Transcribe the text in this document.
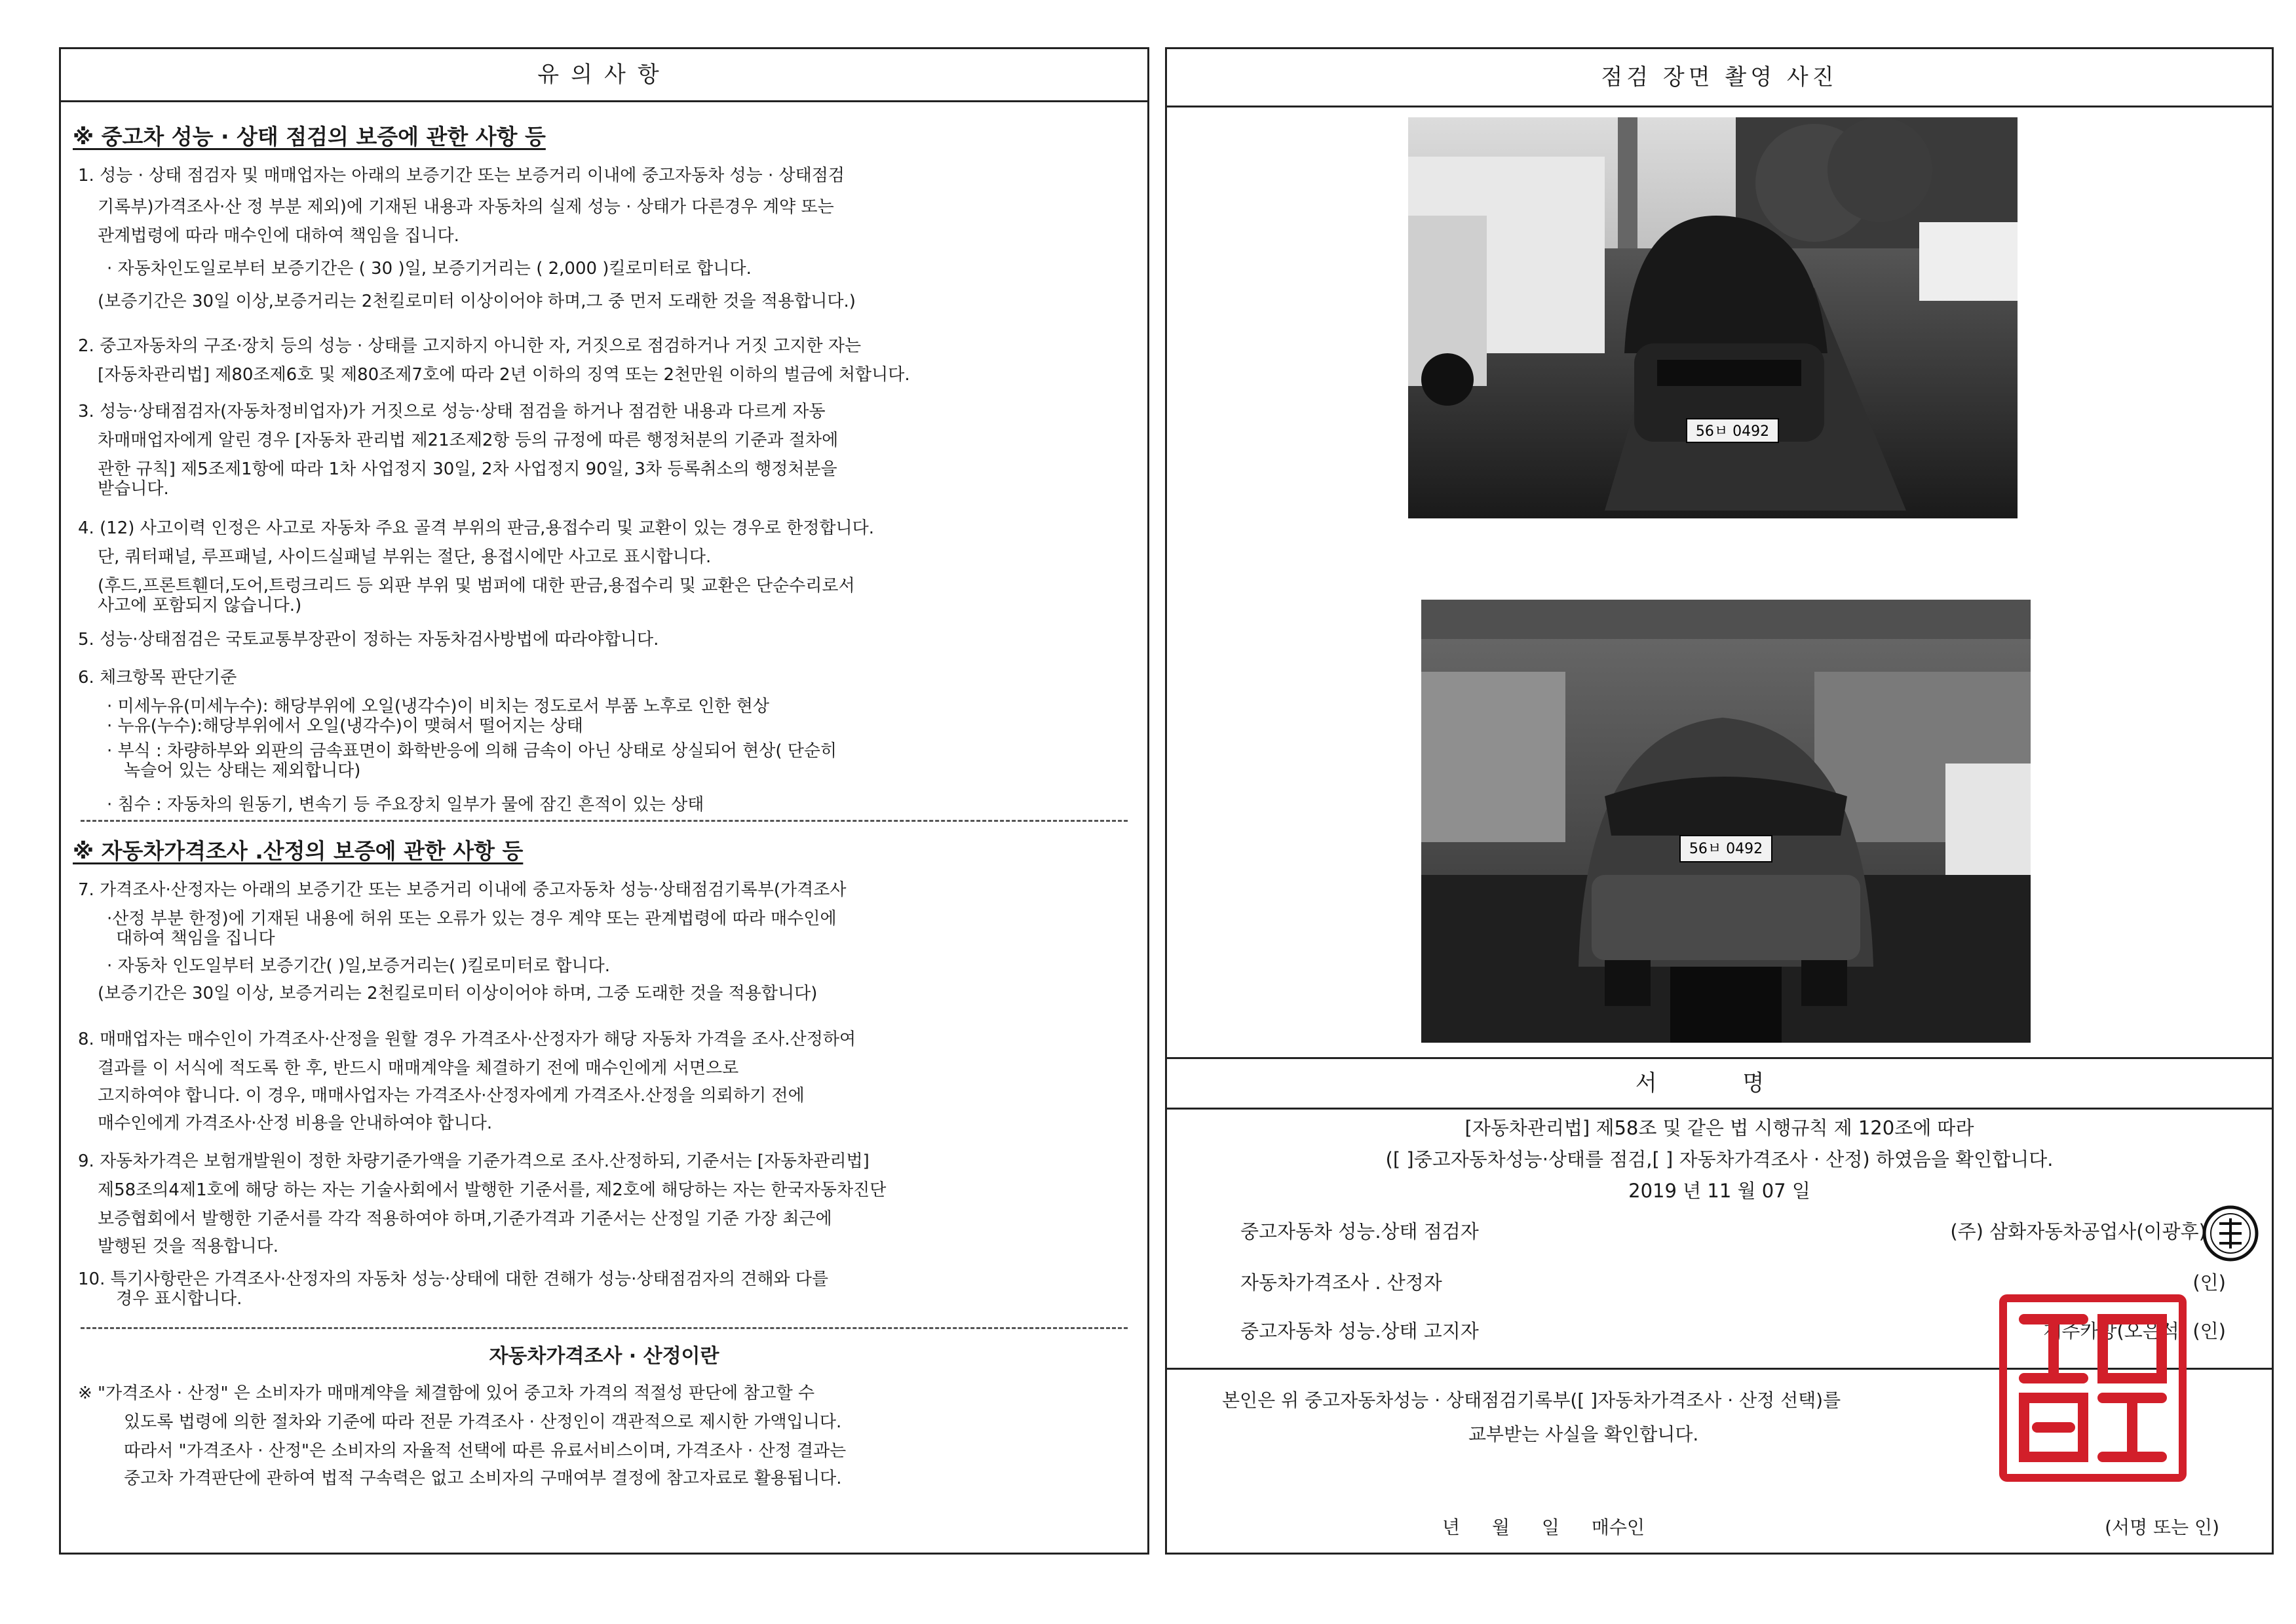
유의사항
※ 중고차 성능 · 상태 점검의 보증에 관한 사항 등
1. 성능 · 상태 점검자 및 매매업자는 아래의 보증기간 또는 보증거리 이내에 중고자동차 성능 · 상태점검
기록부)가격조사·산 정 부분 제외)에 기재된 내용과 자동차의 실제 성능 · 상태가 다른경우 계약 또는
관계법령에 따라 매수인에 대하여 책임을 집니다.
· 자동차인도일로부터 보증기간은 ( 30 )일, 보증기거리는 ( 2,000 )킬로미터로 합니다.
(보증기간은 30일 이상,보증거리는 2천킬로미터 이상이어야 하며,그 중 먼저 도래한 것을 적용합니다.)
2. 중고자동차의 구조·장치 등의 성능 · 상태를 고지하지 아니한 자, 거짓으로 점검하거나 거짓 고지한 자는
[자동차관리법] 제80조제6호 및 제80조제7호에 따라 2년 이하의 징역 또는 2천만원 이하의 벌금에 처합니다.
3. 성능·상태점검자(자동차정비업자)가 거짓으로 성능·상태 점검을 하거나 점검한 내용과 다르게 자동
차매매업자에게 알린 경우 [자동차 관리법 제21조제2항 등의 규정에 따른 행정처분의 기준과 절차에
관한 규칙] 제5조제1항에 따라 1차 사업정지 30일, 2차 사업정지 90일, 3차 등록취소의 행정처분을
받습니다.
4. (12) 사고이력 인정은 사고로 자동차 주요 골격 부위의 판금,용접수리 및 교환이 있는 경우로 한정합니다.
단, 쿼터패널, 루프패널, 사이드실패널 부위는 절단, 용접시에만 사고로 표시합니다.
(후드,프론트휀더,도어,트렁크리드 등 외판 부위 및 범퍼에 대한 판금,용접수리 및 교환은 단순수리로서
사고에 포함되지 않습니다.)
5. 성능·상태점검은 국토교통부장관이 정하는 자동차검사방법에 따라야합니다.
6. 체크항목 판단기준
· 미세누유(미세누수): 해당부위에 오일(냉각수)이 비치는 정도로서 부품 노후로 인한 현상
· 누유(누수):해당부위에서 오일(냉각수)이 맺혀서 떨어지는 상태
· 부식 : 차량하부와 외판의 금속표면이 화학반응에 의해 금속이 아닌 상태로 상실되어 현상( 단순히
녹슬어 있는 상태는 제외합니다)
· 침수 : 자동차의 원동기, 변속기 등 주요장치 일부가 물에 잠긴 흔적이 있는 상태
※ 자동차가격조사 .산정의 보증에 관한 사항 등
7. 가격조사·산정자는 아래의 보증기간 또는 보증거리 이내에 중고자동차 성능·상태점검기록부(가격조사
·산정 부분 한정)에 기재된 내용에 허위 또는 오류가 있는 경우 계약 또는 관계법령에 따라 매수인에
대하여 책임을 집니다
· 자동차 인도일부터 보증기간( )일,보증거리는( )킬로미터로 합니다.
(보증기간은 30일 이상, 보증거리는 2천킬로미터 이상이어야 하며, 그중 도래한 것을 적용합니다)
8. 매매업자는 매수인이 가격조사·산정을 원할 경우 가격조사·산정자가 해당 자동차 가격을 조사.산정하여
결과를 이 서식에 적도록 한 후, 반드시 매매계약을 체결하기 전에 매수인에게 서면으로
고지하여야 합니다. 이 경우, 매매사업자는 가격조사·산정자에게 가격조사.산정을 의뢰하기 전에
매수인에게 가격조사·산정 비용을 안내하여야 합니다.
9. 자동차가격은 보험개발원이 정한 차량기준가액을 기준가격으로 조사.산정하되, 기준서는 [자동차관리법]
제58조의4제1호에 해당 하는 자는 기술사회에서 발행한 기준서를, 제2호에 해당하는 자는 한국자동차진단
보증협회에서 발행한 기준서를 각각 적용하여야 하며,기준가격과 기준서는 산정일 기준 가장 최근에
발행된 것을 적용합니다.
10. 특기사항란은 가격조사·산정자의 자동차 성능·상태에 대한 견해가 성능·상태점검자의 견해와 다를
경우 표시합니다.
자동차가격조사 · 산정이란
※ "가격조사 · 산정" 은 소비자가 매매계약을 체결함에 있어 중고차 가격의 적절성 판단에 참고할 수
있도록 법령에 의한 절차와 기준에 따라 전문 가격조사 · 산정인이 객관적으로 제시한 가액입니다.
따라서 "가격조사 · 산정"은 소비자의 자율적 선택에 따른 유료서비스이며, 가격조사 · 산정 결과는
중고차 가격판단에 관하여 법적 구속력은 없고 소비자의 구매여부 결정에 참고자료로 활용됩니다.
점검 장면 촬영 사진
56ㅂ 0492
56ㅂ 0492
서 명
[자동차관리법] 제58조 및 같은 법 시행규칙 제 120조에 따라
([ ]중고자동차성능·상태를 점검,[ ] 자동차가격조사 · 산정) 하였음을 확인합니다.
2019 년 11 월 07 일
중고자동차 성능.상태 점검자	(주) 삼화자동차공업사(이광후)
자동차가격조사 . 산정자	(인)
중고자동차 성능.상태 고지자	제주카방(오은석) (인)
본인은 위 중고자동차성능 · 상태점검기록부([ ]자동차가격조사 · 산정 선택)를
교부받는 사실을 확인합니다.
년 월 일 매수인	(서명 또는 인)
